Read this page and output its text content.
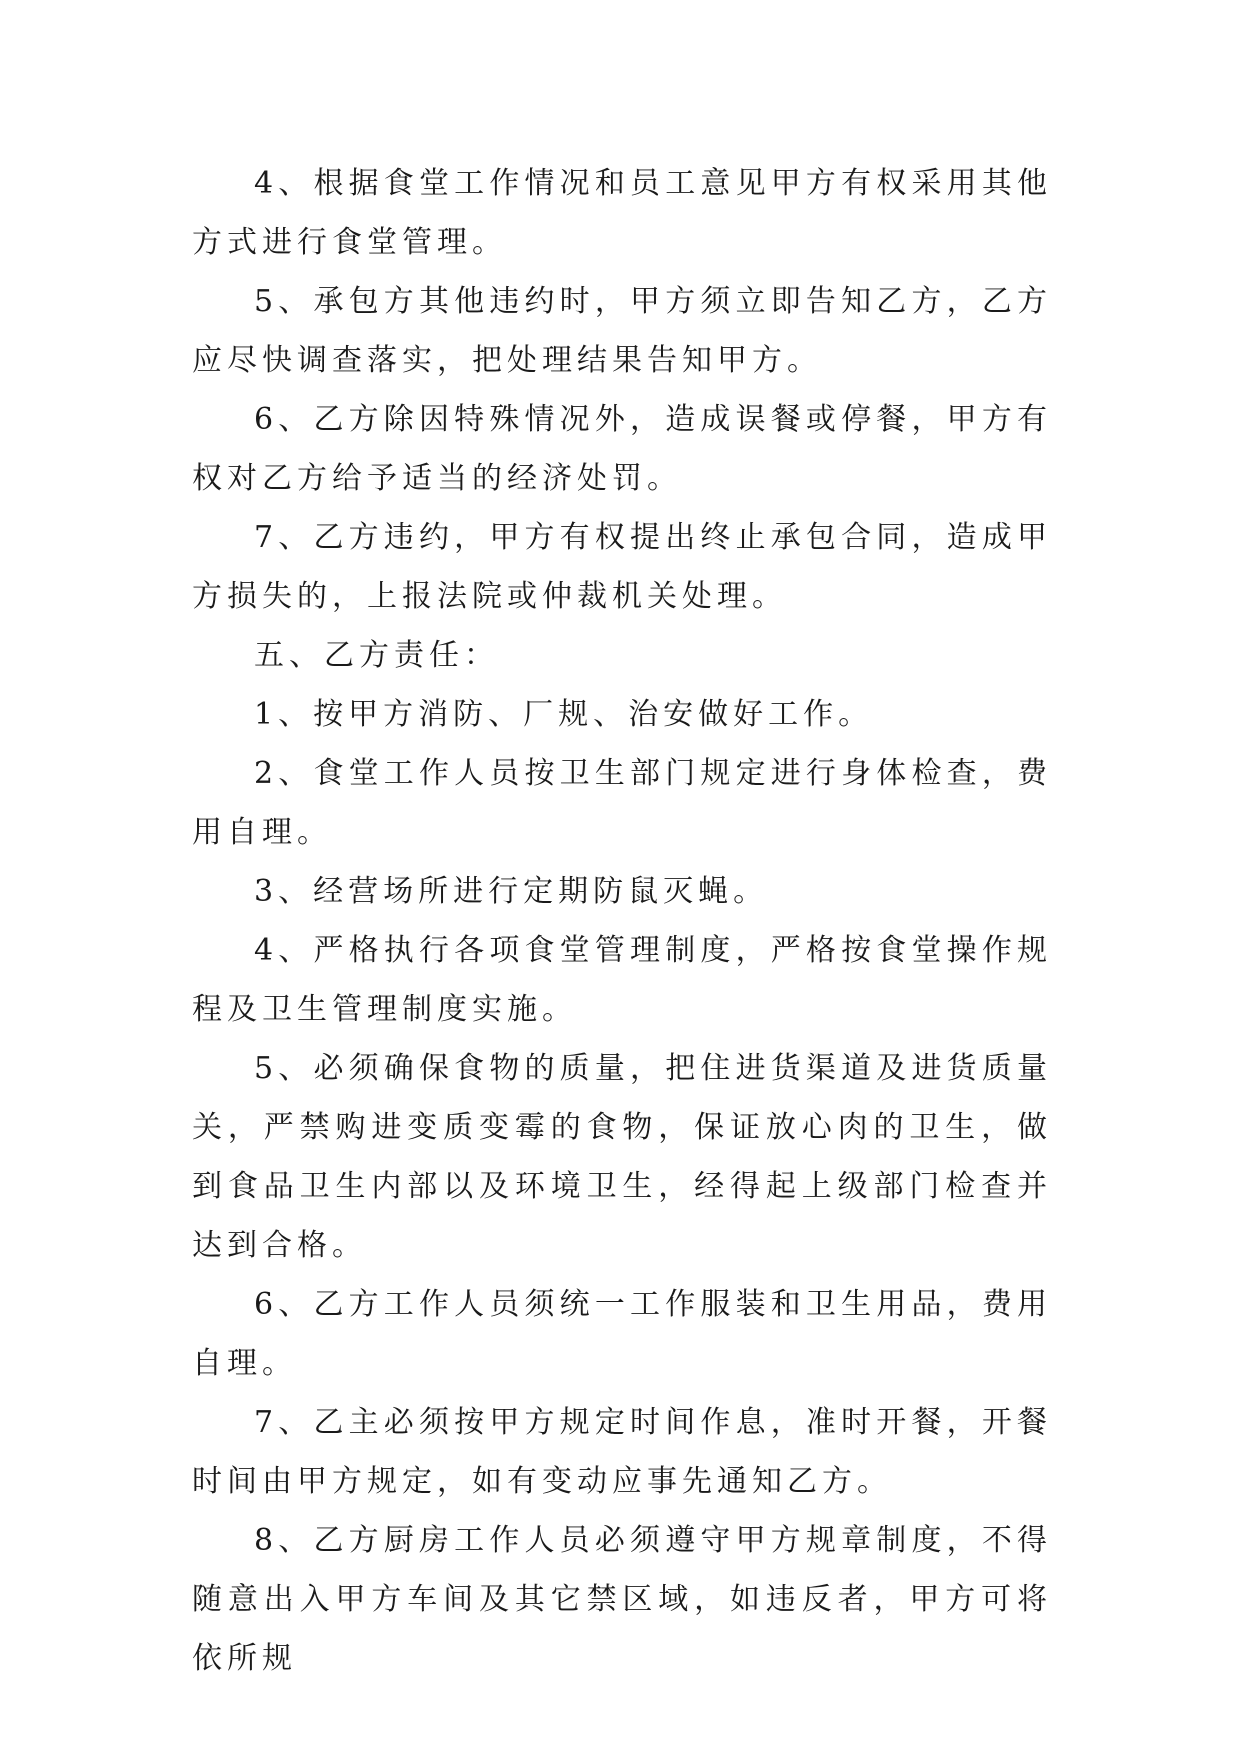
4、根据食堂工作情况和员工意见甲方有权采用其他方式进行食堂管理。

5、承包方其他违约时，甲方须立即告知乙方，乙方应尽快调查落实，把处理结果告知甲方。

6、乙方除因特殊情况外，造成误餐或停餐，甲方有权对乙方给予适当的经济处罚。

7、乙方违约，甲方有权提出终止承包合同，造成甲方损失的，上报法院或仲裁机关处理。

五、乙方责任：

1、按甲方消防、厂规、治安做好工作。

2、食堂工作人员按卫生部门规定进行身体检查，费用自理。

3、经营场所进行定期防鼠灭蝇。

4、严格执行各项食堂管理制度，严格按食堂操作规程及卫生管理制度实施。

5、必须确保食物的质量，把住进货渠道及进货质量关，严禁购进变质变霉的食物，保证放心肉的卫生，做到食品卫生内部以及环境卫生，经得起上级部门检查并达到合格。

6、乙方工作人员须统一工作服装和卫生用品，费用自理。

7、乙主必须按甲方规定时间作息，准时开餐，开餐时间由甲方规定，如有变动应事先通知乙方。

8、乙方厨房工作人员必须遵守甲方规章制度，不得随意出入甲方车间及其它禁区域，如违反者，甲方可将依所规
